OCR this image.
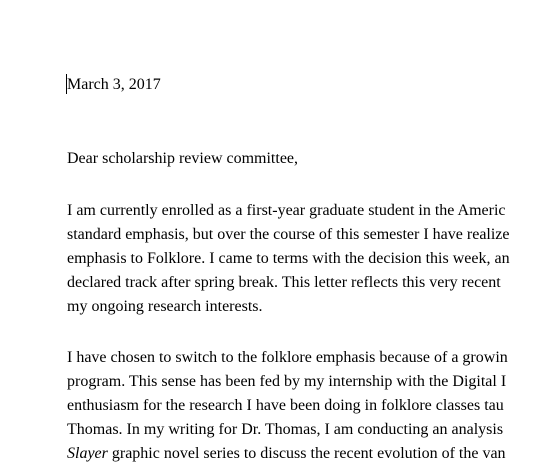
March 3, 2017
Dear scholarship review committee,
I am currently enrolled as a first-year graduate student in the Americ
standard emphasis, but over the course of this semester I have realize
emphasis to Folklore. I came to terms with the decision this week, an
declared track after spring break. This letter reflects this very recent
my ongoing research interests.
I have chosen to switch to the folklore emphasis because of a growin
program. This sense has been fed by my internship with the Digital I
enthusiasm for the research I have been doing in folklore classes tau
Thomas. In my writing for Dr. Thomas, I am conducting an analysis
Slayer graphic novel series to discuss the recent evolution of the van
